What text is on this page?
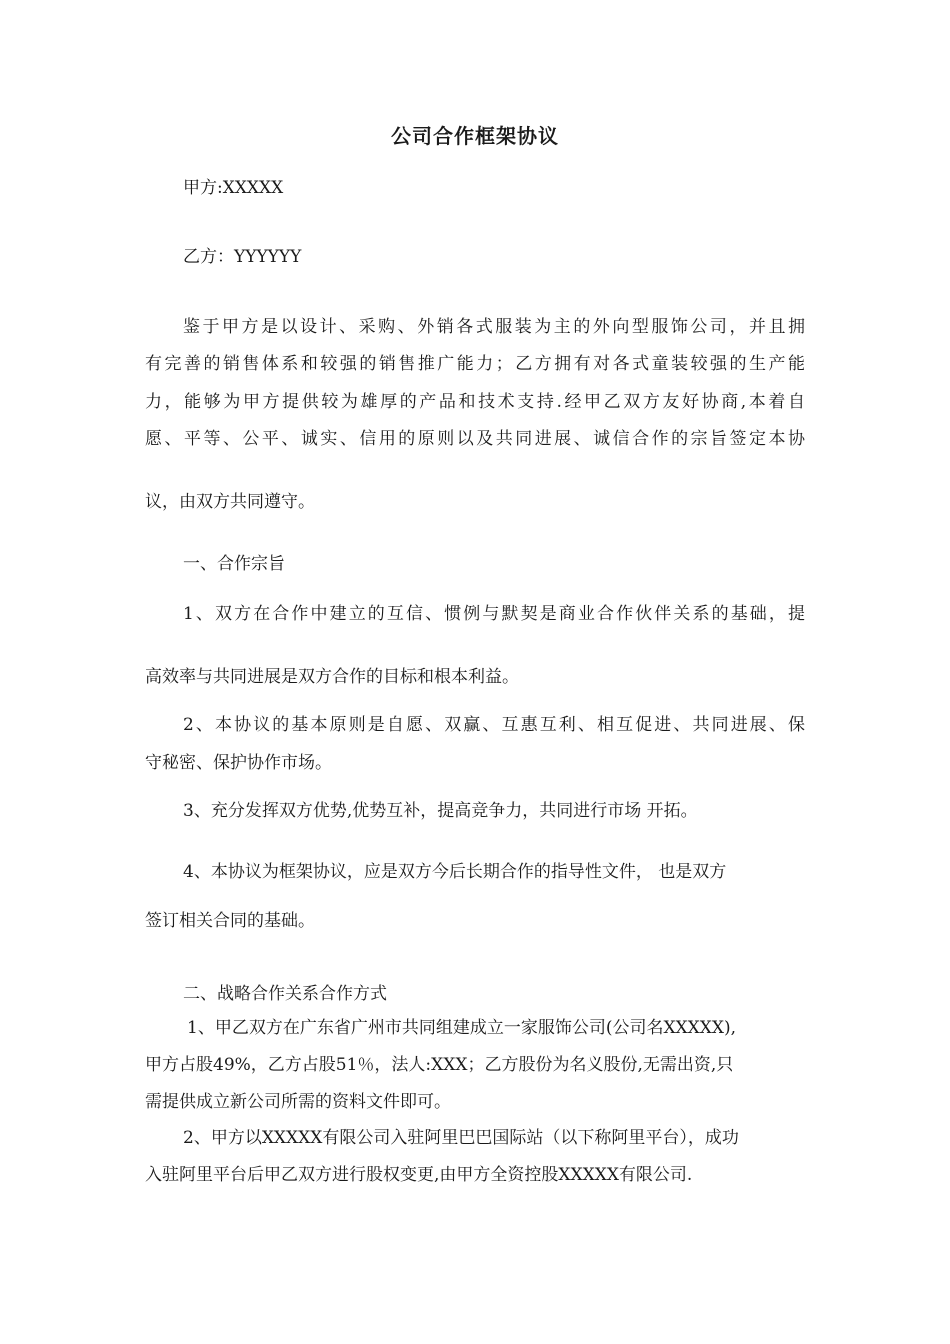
公司合作框架协议
甲方:XXXXX
乙方：YYYYYY
鉴于甲方是以设计、采购、外销各式服装为主的外向型服饰公司，并且拥
有完善的销售体系和较强的销售推广能力；乙方拥有对各式童装较强的生产能
力，能够为甲方提供较为雄厚的产品和技术支持.经甲乙双方友好协商,本着自
愿、平等、公平、诚实、信用的原则以及共同进展、诚信合作的宗旨签定本协
议，由双方共同遵守。
一、合作宗旨
1、双方在合作中建立的互信、惯例与默契是商业合作伙伴关系的基础，提
高效率与共同进展是双方合作的目标和根本利益。
2、本协议的基本原则是自愿、双赢、互惠互利、相互促进、共同进展、保
守秘密、保护协作市场。
3、充分发挥双方优势,优势互补，提高竞争力，共同进行市场 开拓。
4、本协议为框架协议，应是双方今后长期合作的指导性文件， 也是双方
签订相关合同的基础。
二、战略合作关系合作方式
1、甲乙双方在广东省广州市共同组建成立一家服饰公司(公司名XXXXX),
甲方占股49%，乙方占股51％，法人:XXX；乙方股份为名义股份,无需出资,只
需提供成立新公司所需的资料文件即可。
2、甲方以XXXXX有限公司入驻阿里巴巴国际站（以下称阿里平台），成功
入驻阿里平台后甲乙双方进行股权变更,由甲方全资控股XXXXX有限公司.
